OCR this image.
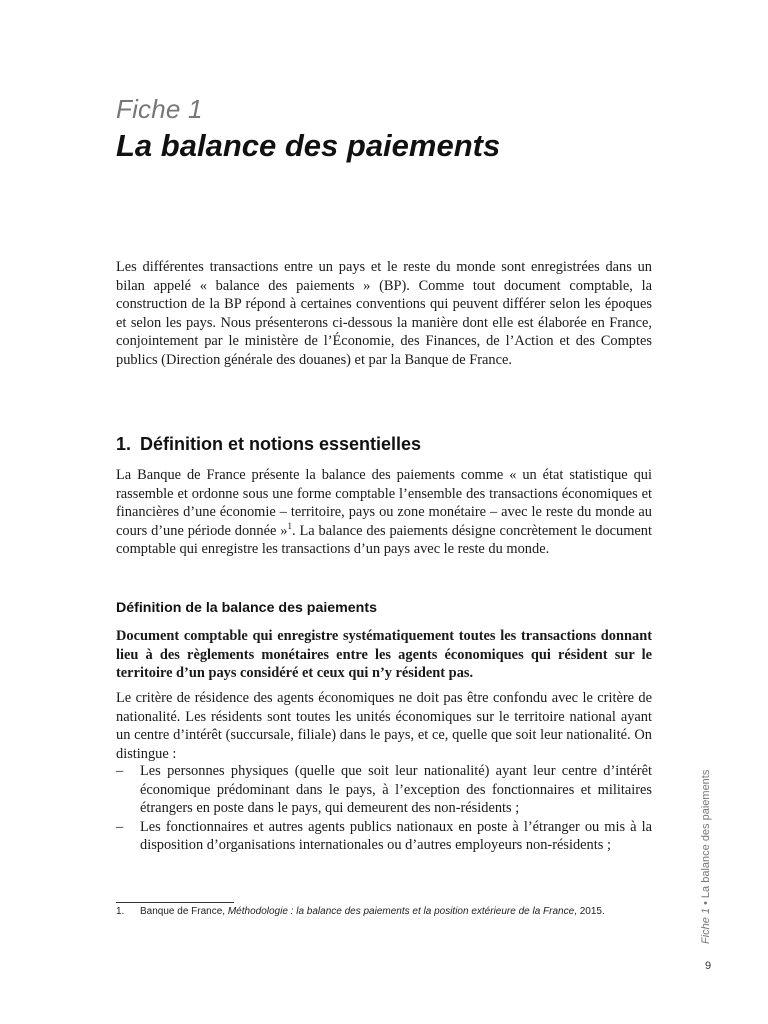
Fiche 1
La balance des paiements

Les différentes transactions entre un pays et le reste du monde sont enregistrées dans un bilan appelé « balance des paiements » (BP). Comme tout document comptable, la construction de la BP répond à certaines conventions qui peuvent différer selon les époques et selon les pays. Nous présenterons ci-dessous la manière dont elle est élaborée en France, conjointement par le ministère de l’Économie, des Finances, de l’Action et des Comptes publics (Direction générale des douanes) et par la Banque de France.

1. Définition et notions essentielles

La Banque de France présente la balance des paiements comme « un état statistique qui rassemble et ordonne sous une forme comptable l’ensemble des transactions économiques et financières d’une économie – territoire, pays ou zone monétaire – avec le reste du monde au cours d’une période donnée »$^1$. La balance des paiements désigne concrètement le document comptable qui enregistre les transactions d’un pays avec le reste du monde.

Définition de la balance des paiements

Document comptable qui enregistre systématiquement toutes les transactions donnant lieu à des règlements monétaires entre les agents économiques qui résident sur le territoire d’un pays considéré et ceux qui n’y résident pas.

Le critère de résidence des agents économiques ne doit pas être confondu avec le critère de nationalité. Les résidents sont toutes les unités économiques sur le territoire national ayant un centre d’intérêt (succursale, filiale) dans le pays, et ce, quelle que soit leur nationalité. On distingue :

– Les personnes physiques (quelle que soit leur nationalité) ayant leur centre d’intérêt économique prédominant dans le pays, à l’exception des fonctionnaires et militaires étrangers en poste dans le pays, qui demeurent des non-résidents ;
– Les fonctionnaires et autres agents publics nationaux en poste à l’étranger ou mis à la disposition d’organisations internationales ou d’autres employeurs non-résidents ;
1. Banque de France, Méthodologie : la balance des paiements et la position extérieure de la France, 2015.	Fiche 1•La balance des paiements
9
